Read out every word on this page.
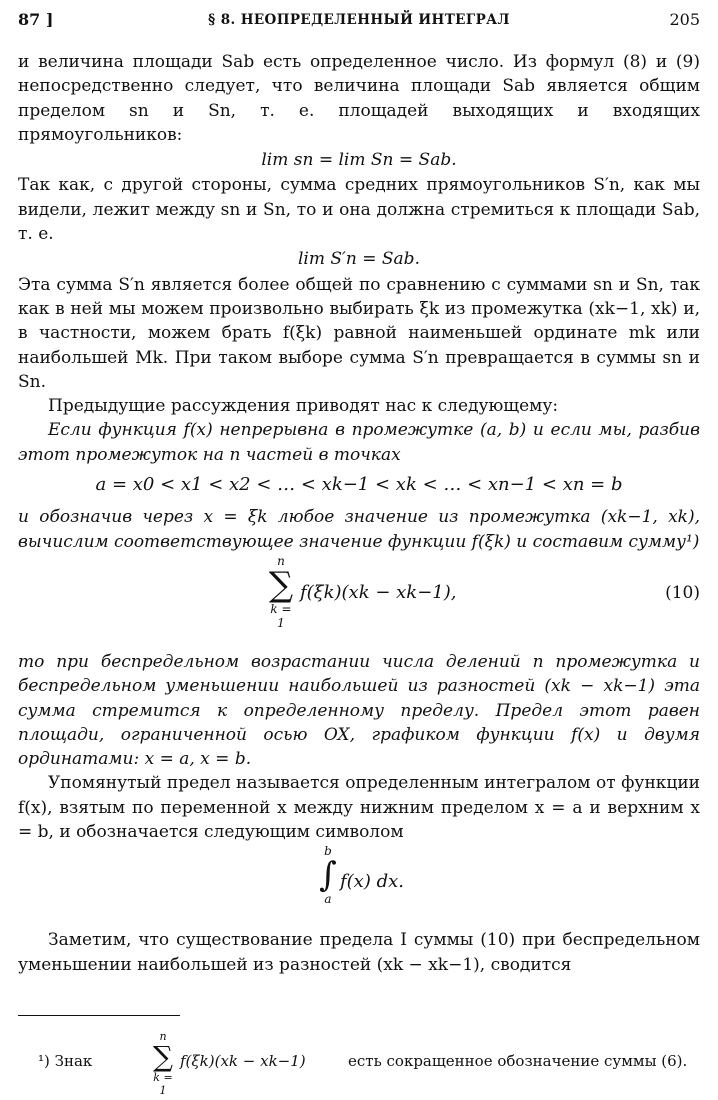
87 ]	§ 8. НЕОПРЕДЕЛЕННЫЙ ИНТЕГРАЛ	205

и величина площади Sab есть определенное число. Из формул (8) и (9) непосредственно следует, что величина площади Sab является общим пределом sn и Sn, т. е. площадей выходящих и входящих прямоугольников:

lim sn = lim Sn = Sab.

Так как, с другой стороны, сумма средних прямоугольников S′n, как мы видели, лежит между sn и Sn, то и она должна стремиться к площади Sab, т. е.

lim S′n = Sab.

Эта сумма S′n является более общей по сравнению с суммами sn и Sn, так как в ней мы можем произвольно выбирать ξk из промежутка (xk−1, xk) и, в частности, можем брать f(ξk) равной наименьшей ординате mk или наибольшей Mk. При таком выборе сумма S′n превращается в суммы sn и Sn.

Предыдущие рассуждения приводят нас к следующему:

Если функция f(x) непрерывна в промежутке (a, b) и если мы, разбив этот промежуток на n частей в точках

a = x0 < x1 < x2 < … < xk−1 < xk < … < xn−1 < xn = b

и обозначив через x = ξk любое значение из промежутка (xk−1, xk), вычислим соответствующее значение функции f(ξk) и составим сумму¹)

n
∑
k = 1
f(ξk)(xk − xk−1),	(10)

то при беспредельном возрастании числа делений n промежутка и беспредельном уменьшении наибольшей из разностей (xk − xk−1) эта сумма стремится к определенному пределу. Предел этот равен площади, ограниченной осью OX, графиком функции f(x) и двумя ординатами: x = a, x = b.

Упомянутый предел называется определенным интегралом от функции f(x), взятым по переменной x между нижним пределом x = a и верхним x = b, и обозначается следующим символом

b
∫
a
f(x) dx.

Заметим, что существование предела I суммы (10) при беспредельном уменьшении наибольшей из разностей (xk − xk−1), сводится

¹) Знак
n
∑
k = 1
f(ξk)(xk − xk−1)	есть сокращенное обозначение суммы (6).
